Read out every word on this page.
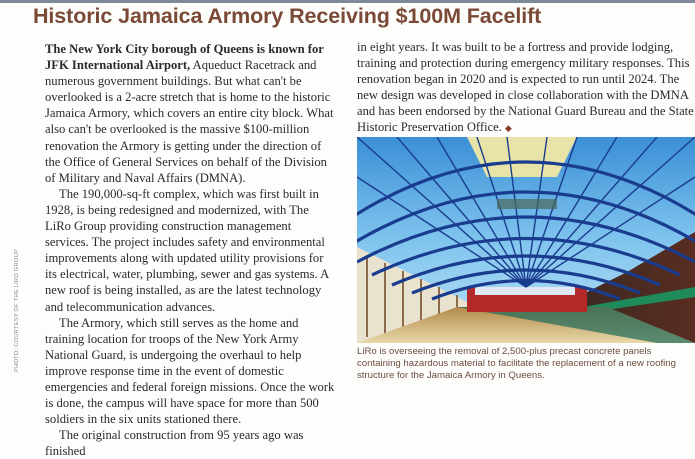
Historic Jamaica Armory Receiving $100M Facelift

The New York City borough of Queens is known for JFK International Airport, Aqueduct Racetrack and numerous government buildings. But what can't be overlooked is a 2-acre stretch that is home to the historic Jamaica Armory, which covers an entire city block. What also can't be overlooked is the massive $100-million renovation the Armory is getting under the direction of the Office of General Services on behalf of the Division of Military and Naval Affairs (DMNA).

The 190,000-sq-ft complex, which was first built in 1928, is being redesigned and modernized, with The LiRo Group providing construction management services. The project includes safety and environmental improvements along with updated utility provisions for its electrical, water, plumbing, sewer and gas systems. A new roof is being installed, as are the latest technology and telecommunication advances.

The Armory, which still serves as the home and training location for troops of the New York Army National Guard, is undergoing the overhaul to help improve response time in the event of domestic emergencies and federal foreign missions. Once the work is done, the campus will have space for more than 500 soldiers in the six units stationed there.

The original construction from 95 years ago was finished

in eight years. It was built to be a fortress and provide lodging, training and protection during emergency military responses. This renovation began in 2020 and is expected to run until 2024. The new design was developed in close collaboration with the DMNA and has been endorsed by the National Guard Bureau and the State Historic Preservation Office. ◆

PHOTO: COURTESY OF THE LIRO GROUP	LiRo is overseeing the removal of 2,500-plus precast concrete panels containing hazardous material to facilitate the replacement of a new roofing structure for the Jamaica Armory in Queens.
